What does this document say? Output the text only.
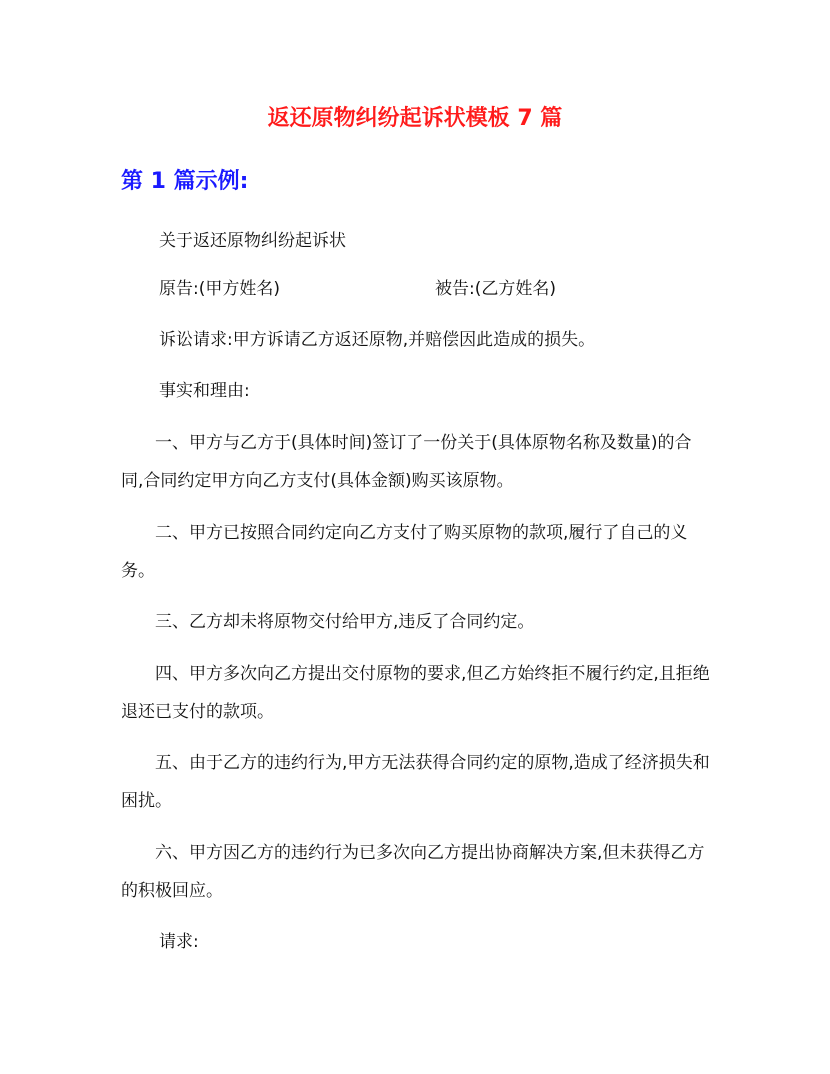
返还原物纠纷起诉状模板 7 篇
第 1 篇示例:

关于返还原物纠纷起诉状

原告:(甲方姓名)	被告:(乙方姓名)

诉讼请求:甲方诉请乙方返还原物,并赔偿因此造成的损失。

事实和理由:

一、甲方与乙方于(具体时间)签订了一份关于(具体原物名称及数量)的合同,合同约定甲方向乙方支付(具体金额)购买该原物。

二、甲方已按照合同约定向乙方支付了购买原物的款项,履行了自己的义务。

三、乙方却未将原物交付给甲方,违反了合同约定。

四、甲方多次向乙方提出交付原物的要求,但乙方始终拒不履行约定,且拒绝退还已支付的款项。

五、由于乙方的违约行为,甲方无法获得合同约定的原物,造成了经济损失和困扰。

六、甲方因乙方的违约行为已多次向乙方提出协商解决方案,但未获得乙方的积极回应。

请求:
